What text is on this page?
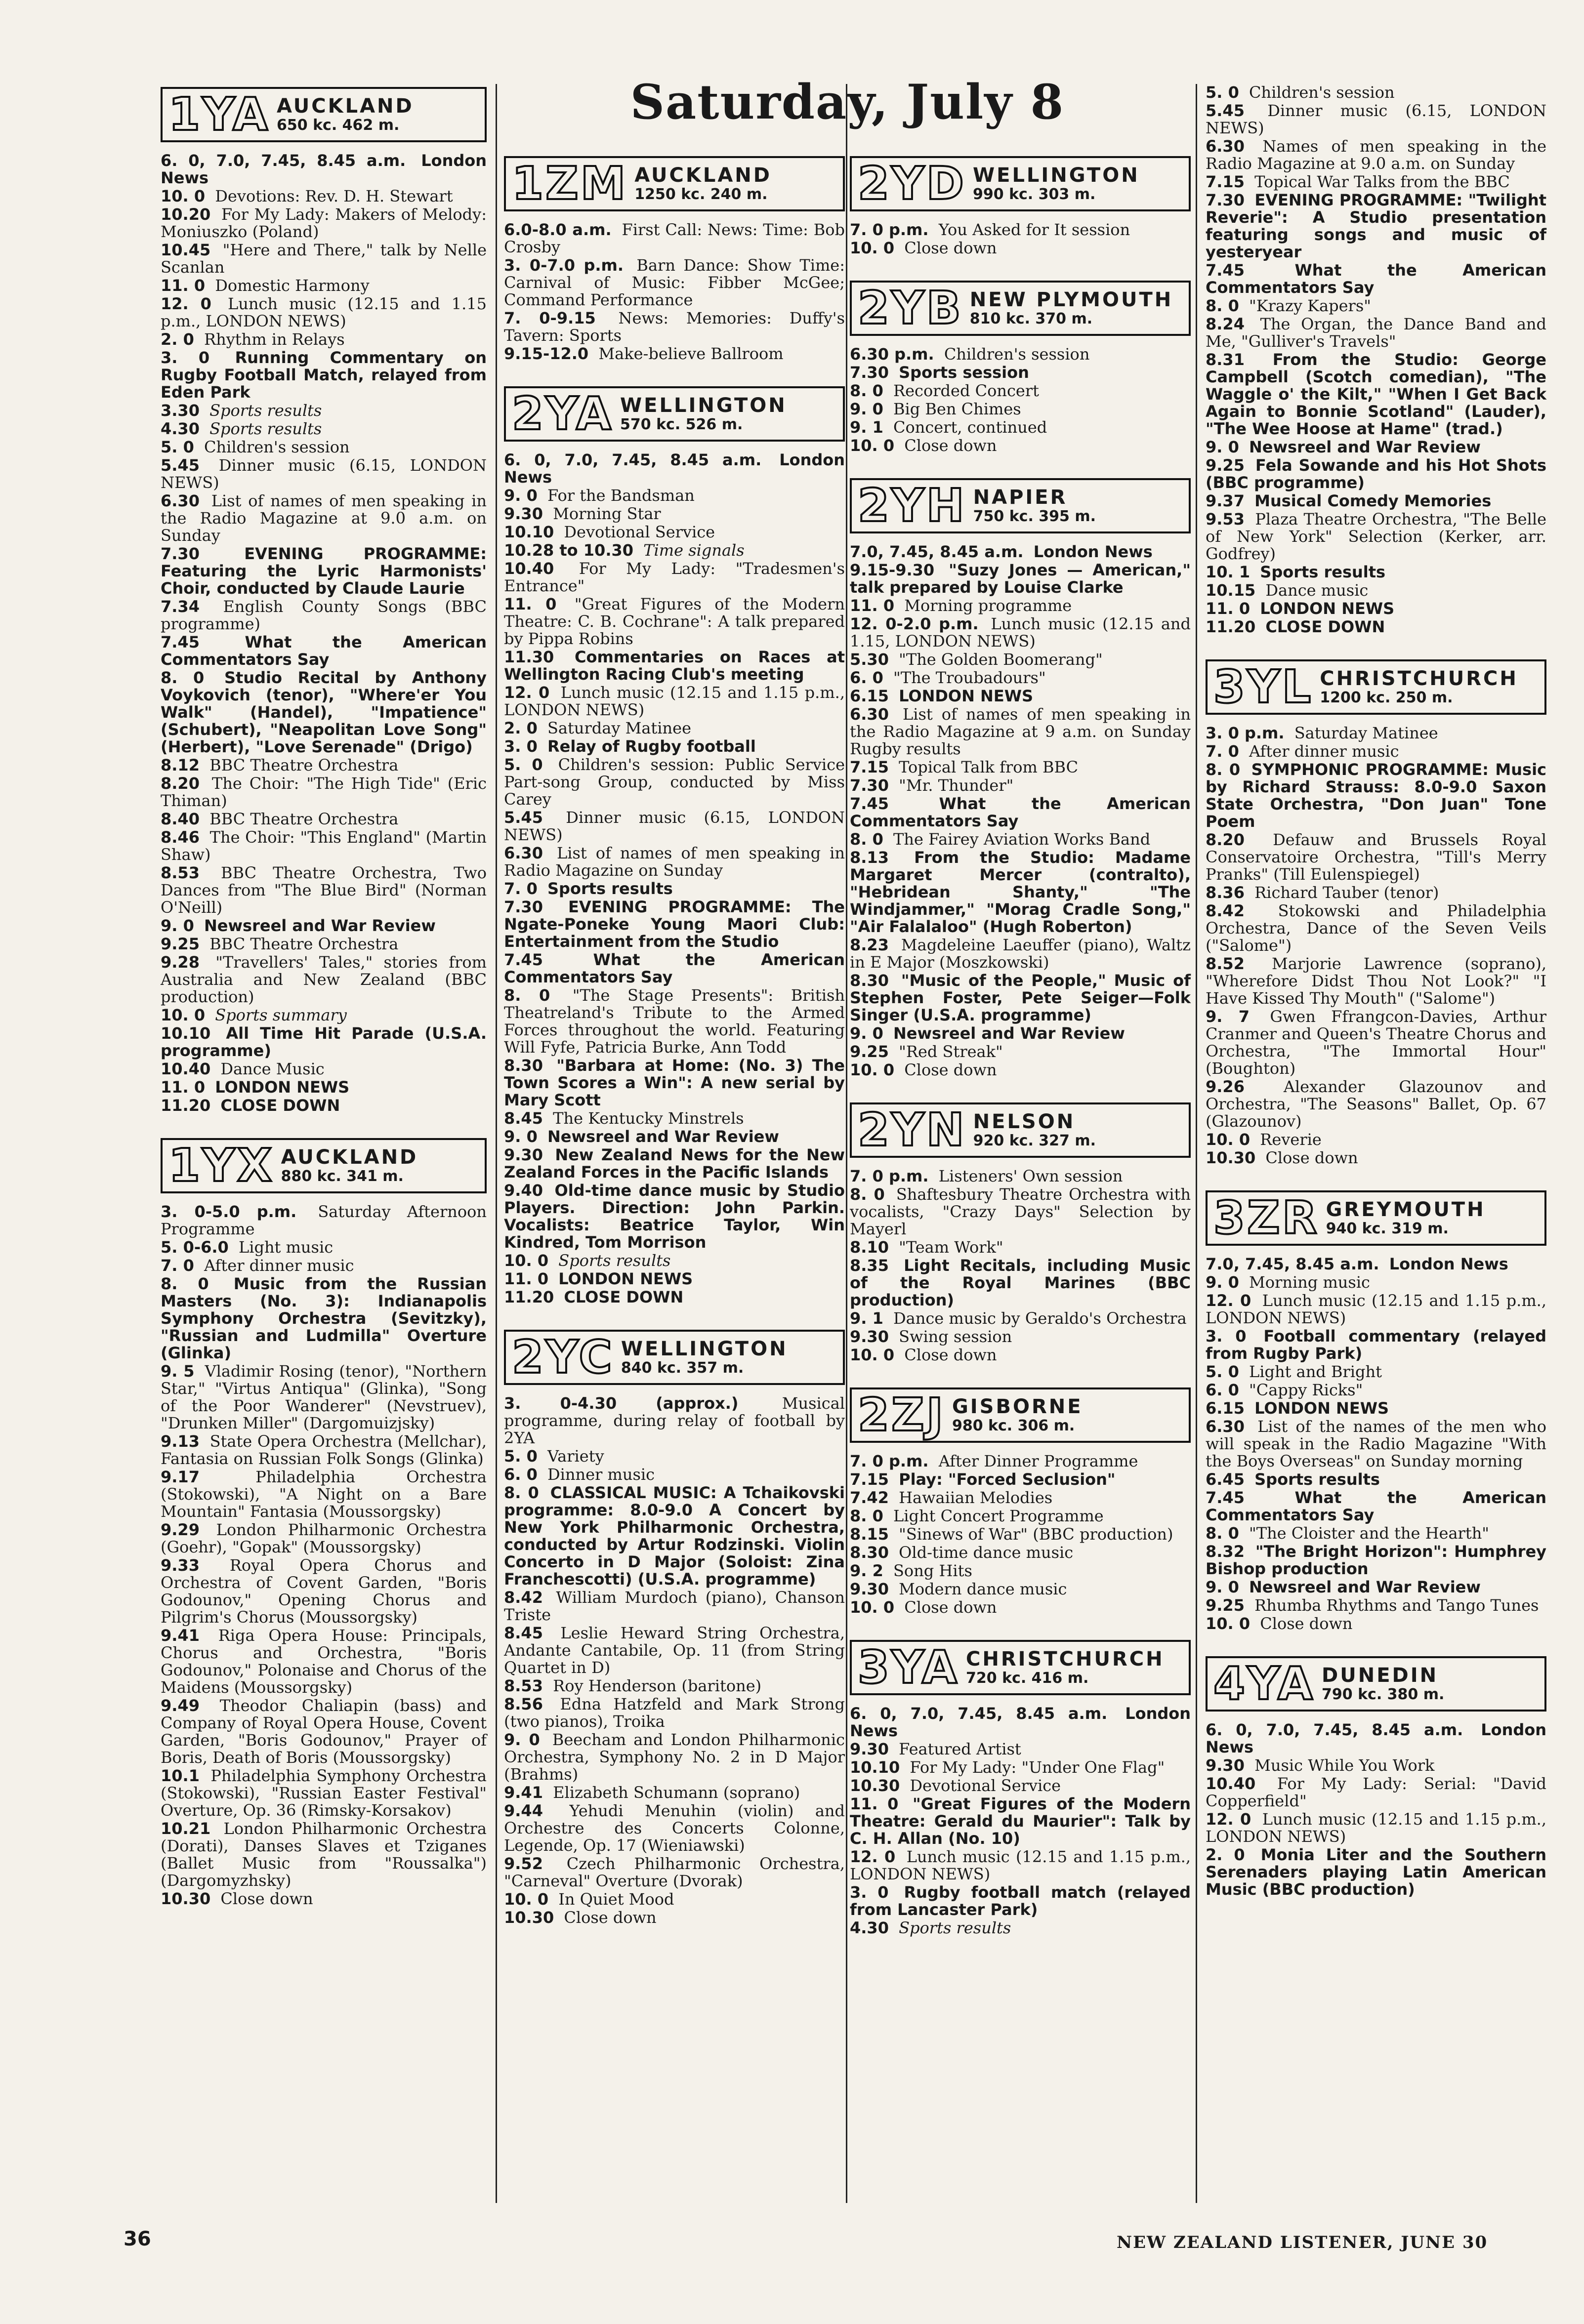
Saturday, July 8
1YA AUCKLAND
650 kc. 462 m.
6. 0, 7.0, 7.45, 8.45 a.m. London News
10. 0 Devotions: Rev. D. H. Stewart
10.20 For My Lady: Makers of Melody: Moniuszko (Poland)
10.45 "Here and There," talk by Nelle Scanlan
11. 0 Domestic Harmony
12. 0 Lunch music (12.15 and 1.15 p.m., LONDON NEWS)
2. 0 Rhythm in Relays
3. 0 Running Commentary on Rugby Football Match, relayed from Eden Park
3.30 Sports results
4.30 Sports results
5. 0 Children's session
5.45 Dinner music (6.15, LONDON NEWS)
6.30 List of names of men speaking in the Radio Magazine at 9.0 a.m. on Sunday
7.30	EVENING PROGRAMME: Featuring the Lyric Harmonists' Choir, conducted by Claude Laurie
7.34 English County Songs (BBC programme)
7.45	What the American Commentators Say
8. 0 Studio Recital by Anthony Voykovich (tenor), "Where'er You Walk" (Handel), "Impatience" (Schubert), "Neapolitan Love Song" (Herbert), "Love Serenade" (Drigo)
8.12 BBC Theatre Orchestra
8.20 The Choir: "The High Tide" (Eric Thiman)
8.40 BBC Theatre Orchestra
8.46 The Choir: "This England" (Martin Shaw)
8.53 BBC Theatre Orchestra, Two Dances from "The Blue Bird" (Norman O'Neill)
9. 0 Newsreel and War Review
9.25 BBC Theatre Orchestra
9.28 "Travellers' Tales," stories from Australia and New Zealand (BBC production)
10. 0 Sports summary
10.10 All Time Hit Parade (U.S.A. programme)
10.40 Dance Music
11. 0 LONDON NEWS
11.20 CLOSE DOWN
1YX AUCKLAND
880 kc. 341 m.
3. 0-5.0 p.m. Saturday Afternoon Programme
5. 0-6.0 Light music
7. 0 After dinner music
8. 0 Music from the Russian Masters (No. 3): Indianapolis Symphony Orchestra (Sevitzky), "Russian and Ludmilla" Overture (Glinka)
9. 5 Vladimir Rosing (tenor), "Northern Star," "Virtus Antiqua" (Glinka), "Song of the Poor Wanderer" (Nevstruev), "Drunken Miller" (Dargomuizjsky)
9.13 State Opera Orchestra (Mellchar), Fantasia on Russian Folk Songs (Glinka)
9.17	Philadelphia Orchestra (Stokowski), "A Night on a Bare Mountain" Fantasia (Moussorgsky)
9.29 London Philharmonic Orchestra (Goehr), "Gopak" (Moussorgsky)
9.33 Royal Opera Chorus and Orchestra of Covent Garden, "Boris Godounov," Opening Chorus and Pilgrim's Chorus (Moussorgsky)
9.41 Riga Opera House: Principals, Chorus and Orchestra, "Boris Godounov," Polonaise and Chorus of the Maidens (Moussorgsky)
9.49 Theodor Chaliapin (bass) and Company of Royal Opera House, Covent Garden, "Boris Godounov," Prayer of Boris, Death of Boris (Moussorgsky)
10.1 Philadelphia Symphony Orchestra (Stokowski), "Russian Easter Festival" Overture, Op. 36 (Rimsky-Korsakov)
10.21 London Philharmonic Orchestra (Dorati), Danses Slaves et Tziganes (Ballet Music from "Roussalka") (Dargomyzhsky)
10.30 Close down
1ZM AUCKLAND
1250 kc. 240 m.
6.0-8.0 a.m. First Call: News: Time: Bob Crosby
3. 0-7.0 p.m. Barn Dance: Show Time: Carnival of Music: Fibber McGee; Command Performance
7. 0-9.15 News: Memories: Duffy's Tavern: Sports
9.15-12.0 Make-believe Ballroom
2YA WELLINGTON
570 kc. 526 m.
6. 0, 7.0, 7.45, 8.45 a.m. London News
9. 0 For the Bandsman
9.30 Morning Star
10.10 Devotional Service
10.28 to 10.30 Time signals
10.40 For My Lady: "Tradesmen's Entrance"
11. 0 "Great Figures of the Modern Theatre: C. B. Cochrane": A talk prepared by Pippa Robins
11.30 Commentaries on Races at Wellington Racing Club's meeting
12. 0 Lunch music (12.15 and 1.15 p.m., LONDON NEWS)
2. 0 Saturday Matinee
3. 0 Relay of Rugby football
5. 0 Children's session: Public Service Part-song Group, conducted by Miss Carey
5.45 Dinner music (6.15, LONDON NEWS)
6.30 List of names of men speaking in Radio Magazine on Sunday
7. 0 Sports results
7.30 EVENING PROGRAMME: The Ngate-Poneke Young Maori Club: Entertainment from the Studio
7.45	What the American Commentators Say
8. 0 "The Stage Presents": British Theatreland's Tribute to the Armed Forces throughout the world. Featuring Will Fyfe, Patricia Burke, Ann Todd
8.30 "Barbara at Home: (No. 3) The Town Scores a Win": A new serial by Mary Scott
8.45 The Kentucky Minstrels
9. 0 Newsreel and War Review
9.30 New Zealand News for the New Zealand Forces in the Pacific Islands
9.40 Old-time dance music by Studio Players. Direction: John Parkin. Vocalists: Beatrice Taylor, Win Kindred, Tom Morrison
10. 0 Sports results
11. 0 LONDON NEWS
11.20 CLOSE DOWN
2YC WELLINGTON
840 kc. 357 m.
3. 0-4.30 (approx.)	Musical programme, during relay of football by 2YA
5. 0 Variety
6. 0 Dinner music
8. 0 CLASSICAL MUSIC: A Tchaikovski programme: 8.0-9.0 A Concert by New York Philharmonic Orchestra, conducted by Artur Rodzinski. Violin Concerto in D Major (Soloist: Zina Franchescotti) (U.S.A. programme)
8.42 William Murdoch (piano), Chanson Triste
8.45 Leslie Heward String Orchestra, Andante Cantabile, Op. 11 (from String Quartet in D)
8.53 Roy Henderson (baritone)
8.56 Edna Hatzfeld and Mark Strong (two pianos), Troika
9. 0 Beecham and London Philharmonic Orchestra, Symphony No. 2 in D Major (Brahms)
9.41 Elizabeth Schumann (soprano)
9.44 Yehudi Menuhin (violin) and Orchestre des Concerts Colonne, Legende, Op. 17 (Wieniawski)
9.52 Czech Philharmonic Orchestra, "Carneval" Overture (Dvorak)
10. 0 In Quiet Mood
10.30 Close down
2YD WELLINGTON
990 kc. 303 m.
7. 0 p.m. You Asked for It session
10. 0 Close down
2YB NEW PLYMOUTH
810 kc. 370 m.
6.30 p.m. Children's session
7.30 Sports session
8. 0 Recorded Concert
9. 0 Big Ben Chimes
9. 1 Concert, continued
10. 0 Close down
2YH NAPIER
750 kc. 395 m.
7.0, 7.45, 8.45 a.m. London News
9.15-9.30 "Suzy Jones — American," talk prepared by Louise Clarke
11. 0 Morning programme
12. 0-2.0 p.m. Lunch music (12.15 and 1.15, LONDON NEWS)
5.30 "The Golden Boomerang"
6. 0 "The Troubadours"
6.15 LONDON NEWS
6.30 List of names of men speaking in the Radio Magazine at 9 a.m. on Sunday Rugby results
7.15 Topical Talk from BBC
7.30 "Mr. Thunder"
7.45	What the American Commentators Say
8. 0 The Fairey Aviation Works Band
8.13 From the Studio: Madame Margaret Mercer (contralto), "Hebridean Shanty," "The Windjammer," "Morag Cradle Song," "Air Falalaloo" (Hugh Roberton)
8.23 Magdeleine Laeuffer (piano), Waltz in E Major (Moszkowski)
8.30 "Music of the People," Music of Stephen Foster, Pete Seiger—Folk Singer (U.S.A. programme)
9. 0 Newsreel and War Review
9.25 "Red Streak"
10. 0 Close down
2YN NELSON
920 kc. 327 m.
7. 0 p.m. Listeners' Own session
8. 0 Shaftesbury Theatre Orchestra with vocalists, "Crazy Days" Selection by Mayerl
8.10 "Team Work"
8.35 Light Recitals, including Music of the Royal Marines (BBC production)
9. 1 Dance music by Geraldo's Orchestra
9.30 Swing session
10. 0 Close down
2ZJ GISBORNE
980 kc. 306 m.
7. 0 p.m. After Dinner Programme
7.15 Play: "Forced Seclusion"
7.42 Hawaiian Melodies
8. 0 Light Concert Programme
8.15 "Sinews of War" (BBC production)
8.30 Old-time dance music
9. 2 Song Hits
9.30 Modern dance music
10. 0 Close down
3YA CHRISTCHURCH
720 kc. 416 m.
6. 0, 7.0, 7.45, 8.45 a.m. London News
9.30 Featured Artist
10.10 For My Lady: "Under One Flag"
10.30 Devotional Service
11. 0 "Great Figures of the Modern Theatre: Gerald du Maurier": Talk by C. H. Allan (No. 10)
12. 0 Lunch music (12.15 and 1.15 p.m., LONDON NEWS)
3. 0 Rugby football match (relayed from Lancaster Park)
4.30 Sports results
5. 0 Children's session
5.45 Dinner music (6.15, LONDON NEWS)
6.30 Names of men speaking in the Radio Magazine at 9.0 a.m. on Sunday
7.15 Topical War Talks from the BBC
7.30 EVENING PROGRAMME: "Twilight Reverie": A Studio presentation featuring songs and music of yesteryear
7.45	What the American Commentators Say
8. 0 "Krazy Kapers"
8.24 The Organ, the Dance Band and Me, "Gulliver's Travels"
8.31 From the Studio: George Campbell (Scotch comedian), "The Waggle o' the Kilt," "When I Get Back Again to Bonnie Scotland" (Lauder), "The Wee Hoose at Hame" (trad.)
9. 0 Newsreel and War Review
9.25 Fela Sowande and his Hot Shots (BBC programme)
9.37 Musical Comedy Memories
9.53 Plaza Theatre Orchestra, "The Belle of New York" Selection (Kerker, arr. Godfrey)
10. 1 Sports results
10.15 Dance music
11. 0 LONDON NEWS
11.20 CLOSE DOWN
3YL CHRISTCHURCH
1200 kc. 250 m.
3. 0 p.m. Saturday Matinee
7. 0 After dinner music
8. 0 SYMPHONIC PROGRAMME: Music by Richard Strauss: 8.0-9.0 Saxon State Orchestra, "Don Juan" Tone Poem
8.20 Defauw and Brussels Royal Conservatoire Orchestra, "Till's Merry Pranks" (Till Eulenspiegel)
8.36 Richard Tauber (tenor)
8.42 Stokowski and Philadelphia Orchestra, Dance of the Seven Veils ("Salome")
8.52 Marjorie Lawrence (soprano), "Wherefore Didst Thou Not Look?" "I Have Kissed Thy Mouth" ("Salome")
9. 7 Gwen Ffrangcon-Davies, Arthur Cranmer and Queen's Theatre Chorus and Orchestra, "The Immortal Hour" (Boughton)
9.26 Alexander Glazounov and Orchestra, "The Seasons" Ballet, Op. 67 (Glazounov)
10. 0 Reverie
10.30 Close down
3ZR GREYMOUTH
940 kc. 319 m.
7.0, 7.45, 8.45 a.m. London News
9. 0 Morning music
12. 0 Lunch music (12.15 and 1.15 p.m., LONDON NEWS)
3. 0 Football commentary (relayed from Rugby Park)
5. 0 Light and Bright
6. 0 "Cappy Ricks"
6.15 LONDON NEWS
6.30 List of the names of the men who will speak in the Radio Magazine "With the Boys Overseas" on Sunday morning
6.45 Sports results
7.45	What the American Commentators Say
8. 0 "The Cloister and the Hearth"
8.32 "The Bright Horizon": Humphrey Bishop production
9. 0 Newsreel and War Review
9.25 Rhumba Rhythms and Tango Tunes
10. 0 Close down
4YA DUNEDIN
790 kc. 380 m.
6. 0, 7.0, 7.45, 8.45 a.m. London News
9.30 Music While You Work
10.40 For My Lady: Serial: "David Copperfield"
12. 0 Lunch music (12.15 and 1.15 p.m., LONDON NEWS)
2. 0 Monia Liter and the Southern Serenaders playing Latin American Music (BBC production)
36	NEW ZEALAND LISTENER, JUNE 30
